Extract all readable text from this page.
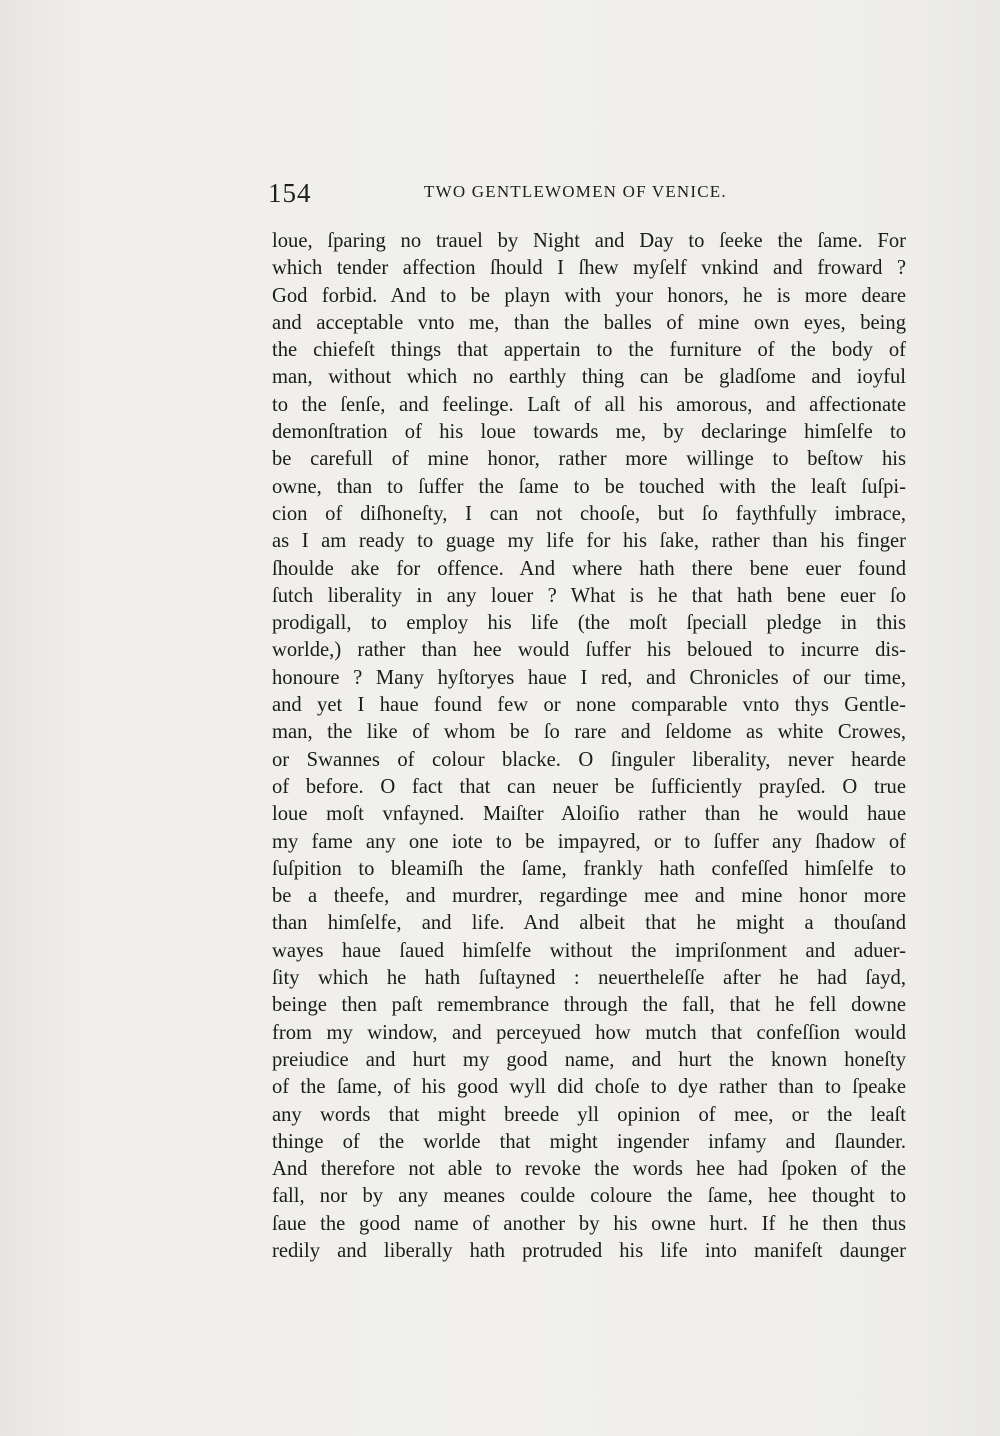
154	TWO GENTLEWOMEN OF VENICE.
loue, ſparing no trauel by Night and Day to ſeeke the ſame. For
which tender affection ſhould I ſhew myſelf vnkind and froward ?
God forbid. And to be playn with your honors, he is more deare
and acceptable vnto me, than the balles of mine own eyes, being
the chiefeſt things that appertain to the furniture of the body of
man, without which no earthly thing can be gladſome and ioyful
to the ſenſe, and feelinge. Laſt of all his amorous, and affectionate
demonſtration of his loue towards me, by declaringe himſelfe to
be carefull of mine honor, rather more willinge to beſtow his
owne, than to ſuffer the ſame to be touched with the leaſt ſuſpi-
cion of diſhoneſty, I can not chooſe, but ſo faythfully imbrace,
as I am ready to guage my life for his ſake, rather than his finger
ſhoulde ake for offence. And where hath there bene euer found
ſutch liberality in any louer ? What is he that hath bene euer ſo
prodigall, to employ his life (the moſt ſpeciall pledge in this
worlde,) rather than hee would ſuffer his beloued to incurre dis-
honoure ? Many hyſtoryes haue I red, and Chronicles of our time,
and yet I haue found few or none comparable vnto thys Gentle-
man, the like of whom be ſo rare and ſeldome as white Crowes,
or Swannes of colour blacke. O ſinguler liberality, never hearde
of before. O fact that can neuer be ſufficiently prayſed. O true
loue moſt vnfayned. Maiſter Aloiſio rather than he would haue
my fame any one iote to be impayred, or to ſuffer any ſhadow of
ſuſpition to bleamiſh the ſame, frankly hath confeſſed himſelfe to
be a theefe, and murdrer, regardinge mee and mine honor more
than himſelfe, and life. And albeit that he might a thouſand
wayes haue ſaued himſelfe without the impriſonment and aduer-
ſity which he hath ſuſtayned : neuertheleſſe after he had ſayd,
beinge then paſt remembrance through the fall, that he fell downe
from my window, and perceyued how mutch that confeſſion would
preiudice and hurt my good name, and hurt the known honeſty
of the ſame, of his good wyll did choſe to dye rather than to ſpeake
any words that might breede yll opinion of mee, or the leaſt
thinge of the worlde that might ingender infamy and ſlaunder.
And therefore not able to revoke the words hee had ſpoken of the
fall, nor by any meanes coulde coloure the ſame, hee thought to
ſaue the good name of another by his owne hurt. If he then thus
redily and liberally hath protruded his life into manifeſt daunger
